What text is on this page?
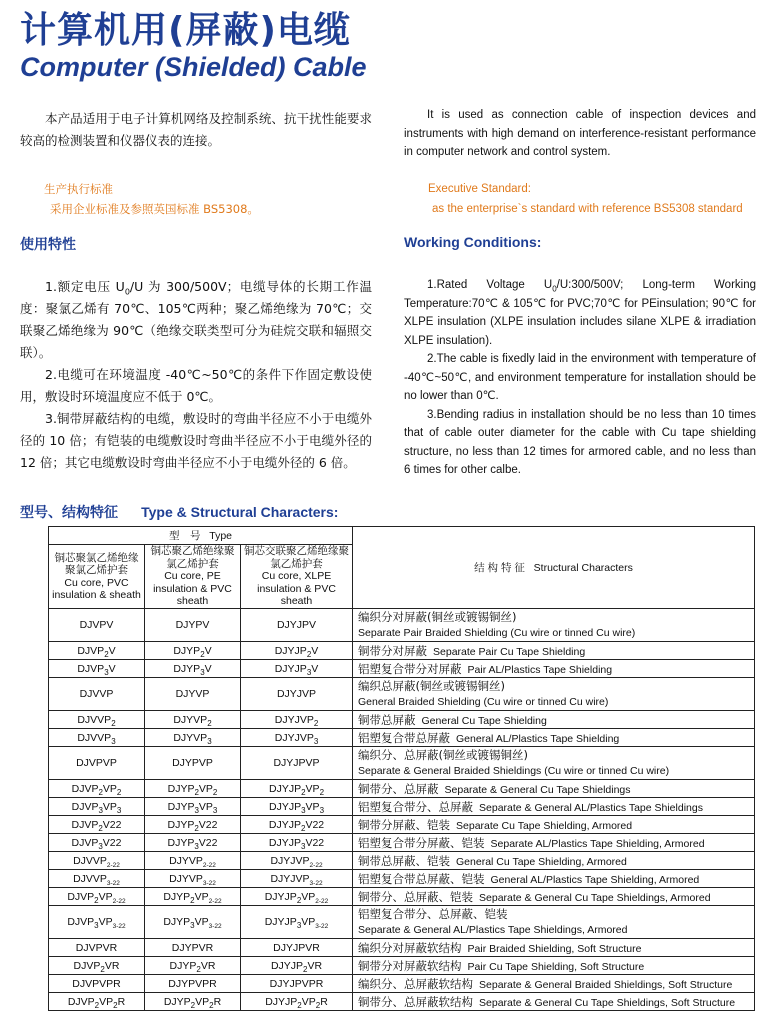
计算机用(屏蔽)电缆
Computer (Shielded) Cable

本产品适用于电子计算机网络及控制系统、抗干扰性能要求较高的检测装置和仪器仪表的连接。

It is used as connection cable of inspection devices and instruments with high demand on interference-resistant performance in computer network and control system.

生产执行标准

采用企业标准及参照英国标准 BS5308。

Executive Standard:

as the enterprise`s standard with reference BS5308 standard

使用特性	Working Conditions:

1.额定电压 $U_0/U$ 为 300/500V；电缆导体的长期工作温度：聚氯乙烯有 70℃、105℃两种；聚乙烯绝缘为 70℃；交联聚乙烯绝缘为 90℃（绝缘交联类型可分为硅烷交联和辐照交联）。

2.电缆可在环境温度 -40℃~50℃的条件下作固定敷设使用，敷设时环境温度应不低于 0℃。

3.铜带屏蔽结构的电缆，敷设时的弯曲半径应不小于电缆外径的 10 倍；有铠装的电缆敷设时弯曲半径应不小于电缆外径的 12 倍；其它电缆敷设时弯曲半径应不小于电缆外径的 6 倍。

1.Rated Voltage $U_0/U:300/500V$; Long-term Working Temperature:70℃ & 105℃ for PVC;70℃ for PEinsulation; 90℃ for XLPE insulation (XLPE insulation includes silane XLPE & irradiation XLPE insulation).

2.The cable is fixedly laid in the environment with temperature of -40℃~50℃, and environment temperature for installation should be no lower than 0℃.

3.Bending radius in installation should be no less than 10 times that of cable outer diameter for the cable with Cu tape shielding structure, no less than 12 times for armored cable, and no less than 6 times for other calbe.

型号、结构特征 Type & Structural Characters:
型　号 Type			结 构 特 征 Structural Characters
铜芯聚氯乙烯绝缘聚氯乙烯护套
Cu core, PVC insulation & sheath	铜芯聚乙烯绝缘聚氯乙烯护套
Cu core, PE insulation & PVC sheath	铜芯交联聚乙烯绝缘聚氯乙烯护套
Cu core, XLPE insulation & PVC sheath	
DJVPV	DJYPV	DJYJPV	编织分对屏蔽(铜丝或镀锡铜丝)
Separate Pair Braided Shielding (Cu wire or tinned Cu wire)
$DJVP_2V$	$DJYP_2V$	$DJYJP_2V$	铜带分对屏蔽 Separate Pair Cu Tape Shielding
$DJVP_3V$	$DJYP_3V$	$DJYJP_3V$	铝塑复合带分对屏蔽 Pair AL/Plastics Tape Shielding
DJVVP	DJYVP	DJYJVP	编织总屏蔽(铜丝或镀锡铜丝)
General Braided Shielding (Cu wire or tinned Cu wire)
$DJVVP_2$	$DJYVP_2$	$DJYJVP_2$	铜带总屏蔽 General Cu Tape Shielding
$DJVVP_3$	$DJYVP_3$	$DJYJVP_3$	铝塑复合带总屏蔽 General AL/Plastics Tape Shielding
DJVPVP	DJYPVP	DJYJPVP	编织分、总屏蔽(铜丝或镀锡铜丝)
Separate & General Braided Shieldings (Cu wire or tinned Cu wire)
$DJVP_2VP_2$	$DJYP_2VP_2$	$DJYJP_2VP_2$	铜带分、总屏蔽 Separate & General Cu Tape Shieldings
$DJVP_3VP_3$	$DJYP_3VP_3$	$DJYJP_3VP_3$	铝塑复合带分、总屏蔽 Separate & General AL/Plastics Tape Shieldings
$DJVP_2V22$	$DJYP_2V22$	$DJYJP_2V22$	铜带分屏蔽、铠装 Separate Cu Tape Shielding, Armored
$DJVP_3V22$	$DJYP_3V22$	$DJYJP_3V22$	铝塑复合带分屏蔽、铠装 Separate AL/Plastics Tape Shielding, Armored
$DJVVP_{2-22}$	$DJYVP_{2-22}$	$DJYJVP_{2-22}$	铜带总屏蔽、铠装 General Cu Tape Shielding, Armored
$DJVVP_{3-22}$	$DJYVP_{3-22}$	$DJYJVP_{3-22}$	铝塑复合带总屏蔽、铠装 General AL/Plastics Tape Shielding, Armored
$DJVP_2VP_{2-22}$	$DJYP_2VP_{2-22}$	$DJYJP_2VP_{2-22}$	铜带分、总屏蔽、铠装 Separate & General Cu Tape Shieldings, Armored
$DJVP_3VP_{3-22}$	$DJYP_3VP_{3-22}$	$DJYJP_3VP_{3-22}$	铝塑复合带分、总屏蔽、铠装
Separate & General AL/Plastics Tape Shieldings, Armored
DJVPVR	DJYPVR	DJYJPVR	编织分对屏蔽软结构 Pair Braided Shielding, Soft Structure
$DJVP_2VR$	$DJYP_2VR$	$DJYJP_2VR$	铜带分对屏蔽软结构 Pair Cu Tape Shielding, Soft Structure
DJVPVPR	DJYPVPR	DJYJPVPR	编织分、总屏蔽软结构 Separate & General Braided Shieldings, Soft Structure
$DJVP_2VP_2R$	$DJYP_2VP_2R$	$DJYJP_2VP_2R$	铜带分、总屏蔽软结构 Separate & General Cu Tape Shieldings, Soft Structure
